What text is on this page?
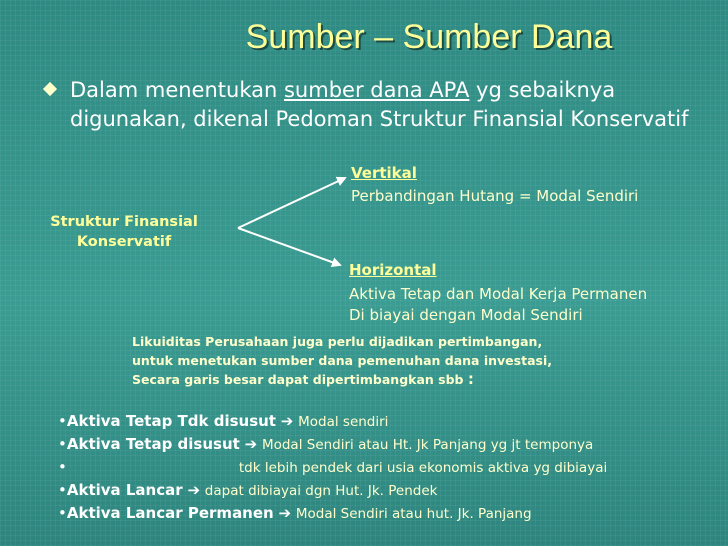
Sumber – Sumber Dana
Dalam menentukan sumber dana APA yg sebaiknya digunakan, dikenal Pedoman Struktur Finansial Konservatif
Struktur Finansial Konservatif
Vertikal
Perbandingan Hutang = Modal Sendiri
Horizontal
Aktiva Tetap dan Modal Kerja Permanen
Di biayai dengan Modal Sendiri
Likuiditas Perusahaan juga perlu dijadikan pertimbangan,
untuk menetukan sumber dana pemenuhan dana investasi,
Secara garis besar dapat dipertimbangkan sbb :
•Aktiva Tetap Tdk disusut ➔ Modal sendiri
•Aktiva Tetap disusut ➔ Modal Sendiri atau Ht. Jk Panjang yg jt temponya
•	tdk lebih pendek dari usia ekonomis aktiva yg dibiayai
•Aktiva Lancar ➔ dapat dibiayai dgn Hut. Jk. Pendek
•Aktiva Lancar Permanen ➔ Modal Sendiri atau hut. Jk. Panjang
